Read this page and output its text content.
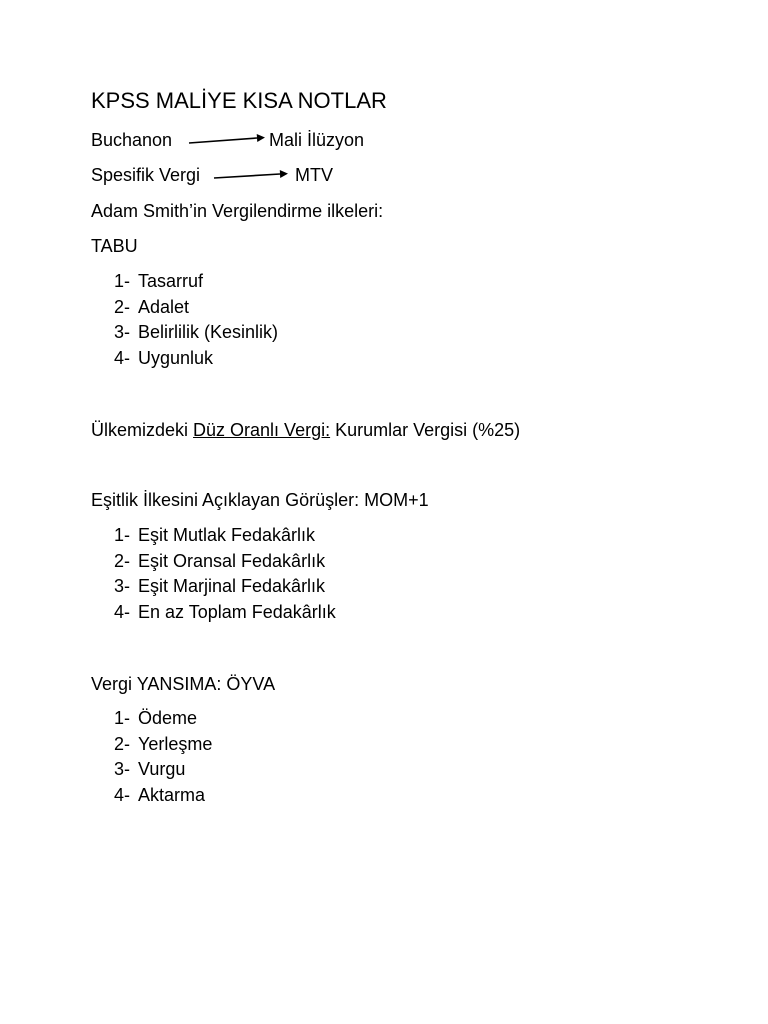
KPSS MALİYE KISA NOTLAR
Buchanon	Mali İlüzyon
Spesifik Vergi	MTV
Adam Smith’in Vergilendirme ilkeleri:
TABU
1- Tasarruf
2- Adalet
3- Belirlilik (Kesinlik)
4- Uygunluk
Ülkemizdeki Düz Oranlı Vergi: Kurumlar Vergisi (%25)
Eşitlik İlkesini Açıklayan Görüşler: MOM+1
1- Eşit Mutlak Fedakârlık
2- Eşit Oransal Fedakârlık
3- Eşit Marjinal Fedakârlık
4- En az Toplam Fedakârlık
Vergi YANSIMA: ÖYVA
1- Ödeme
2- Yerleşme
3- Vurgu
4- Aktarma
